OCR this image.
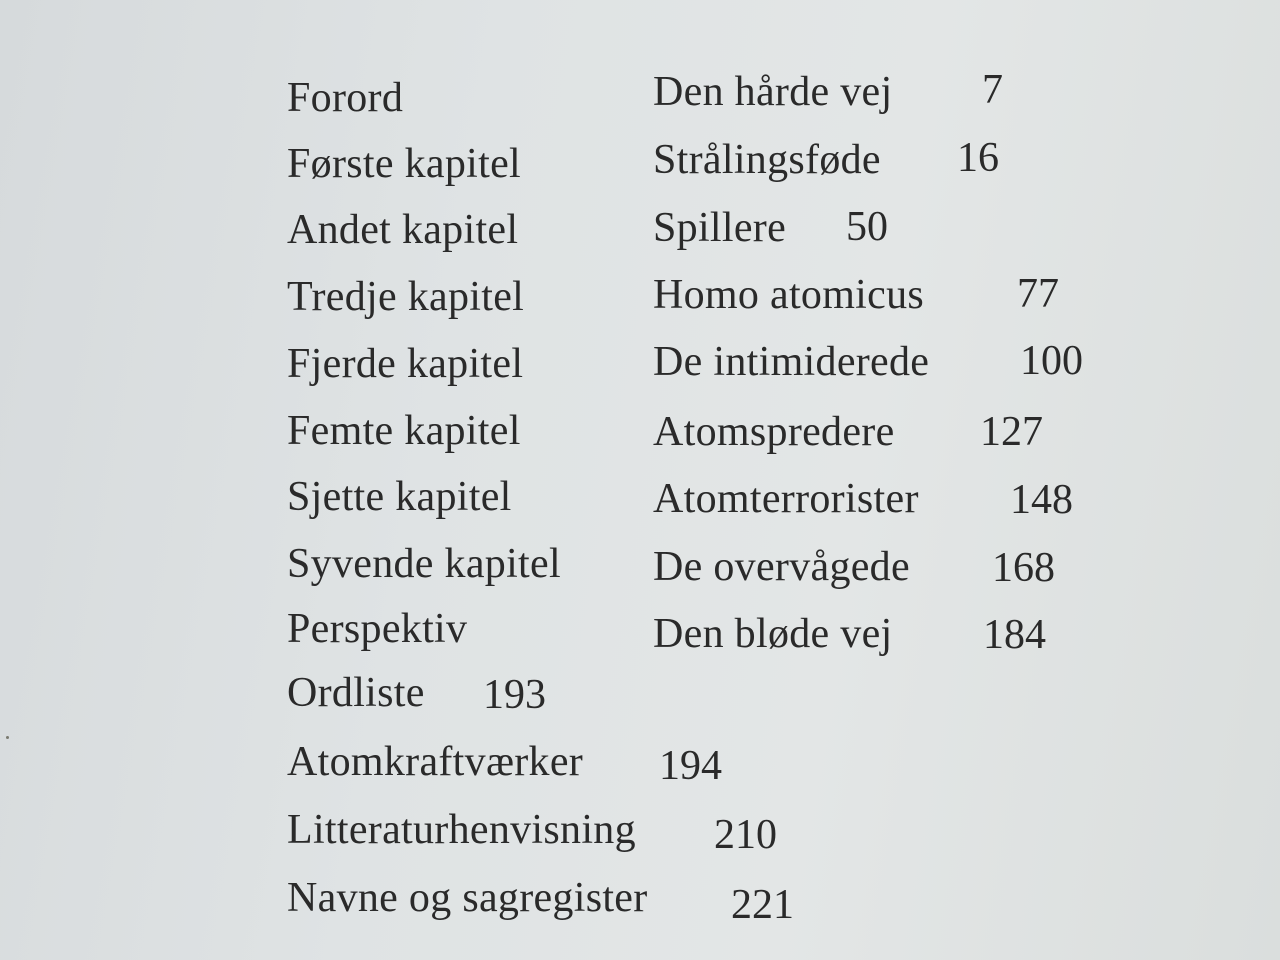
Forord	Den hårde vej 7
Første kapitel	Strålingsføde 16
Andet kapitel	Spillere 50
Tredje kapitel	Homo atomicus 77
Fjerde kapitel	De intimiderede 100
Femte kapitel	Atomspredere 127
Sjette kapitel	Atomterrorister 148
Syvende kapitel De overvågede 168
Perspektiv	Den bløde vej 184
Ordliste 193
Atomkraftværker 194
Litteraturhenvisning 210
Navne og sagregister 221
